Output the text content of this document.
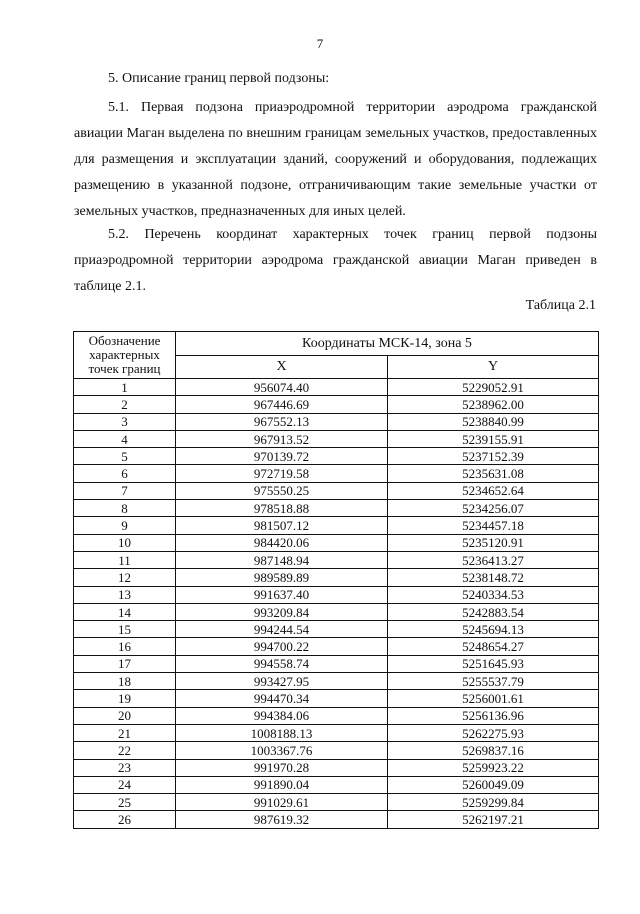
7
5. Описание границ первой подзоны:

5.1. Первая подзона приаэродромной территории аэродрома гражданской авиации Маган выделена по внешним границам земельных участков, предоставленных для размещения и эксплуатации зданий, сооружений и оборудования, подлежащих размещению в указанной подзоне, отграничивающим такие земельные участки от земельных участков, предназначенных для иных целей.

5.2. Перечень координат характерных точек границ первой подзоны приаэродромной территории аэродрома гражданской авиации Маган приведен в таблице 2.1.

Таблица 2.1
Обозначение характерных точек границ	Координаты МСК-14, зона 5	
	X	Y
1	956074.40	5229052.91
2	967446.69	5238962.00
3	967552.13	5238840.99
4	967913.52	5239155.91
5	970139.72	5237152.39
6	972719.58	5235631.08
7	975550.25	5234652.64
8	978518.88	5234256.07
9	981507.12	5234457.18
10	984420.06	5235120.91
11	987148.94	5236413.27
12	989589.89	5238148.72
13	991637.40	5240334.53
14	993209.84	5242883.54
15	994244.54	5245694.13
16	994700.22	5248654.27
17	994558.74	5251645.93
18	993427.95	5255537.79
19	994470.34	5256001.61
20	994384.06	5256136.96
21	1008188.13	5262275.93
22	1003367.76	5269837.16
23	991970.28	5259923.22
24	991890.04	5260049.09
25	991029.61	5259299.84
26	987619.32	5262197.21
